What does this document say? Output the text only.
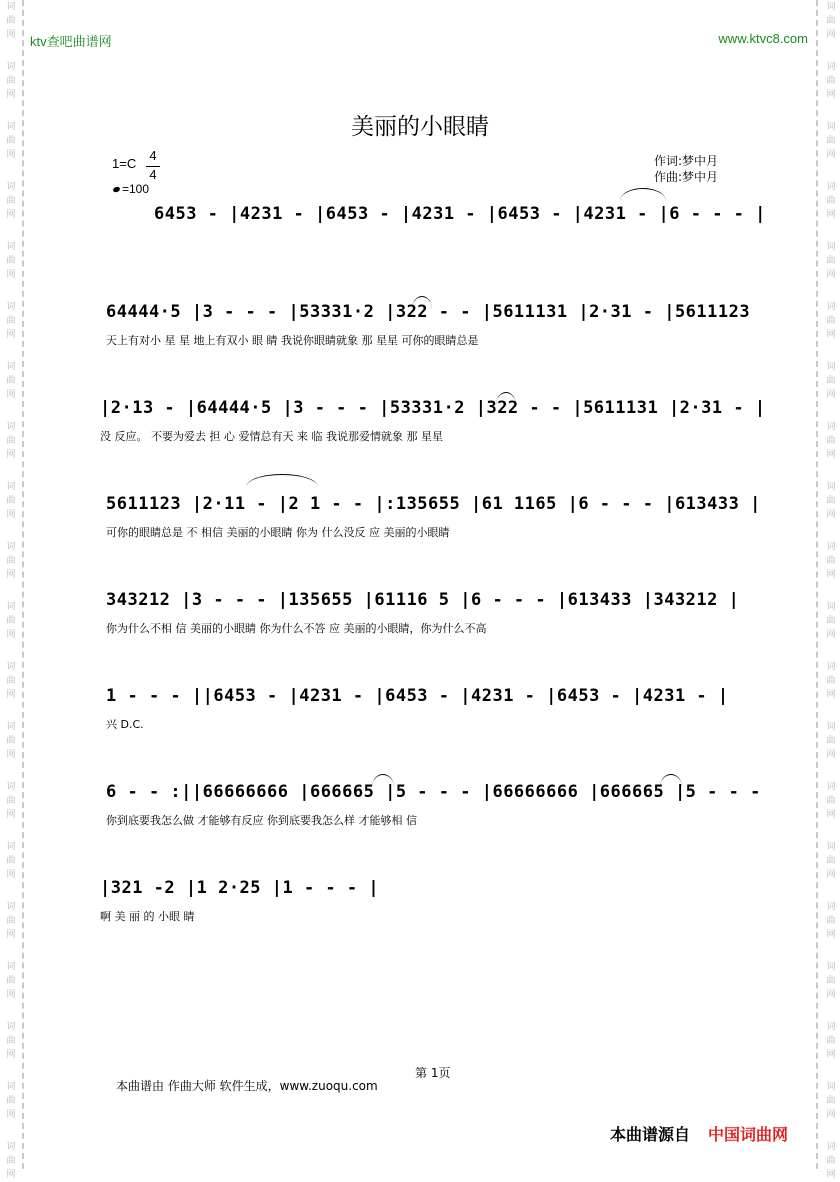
词
曲
网
词
曲
网
词
曲
网
词
曲
网
词
曲
网
词
曲
网
词
曲
网
词
曲
网
词
曲
网
词
曲
网
词
曲
网
词
曲
网
词
曲
网
词
曲
网
词
曲
网
词
曲
网
词
曲
网
词
曲
网
词
曲
网
词
曲
网
词
曲
网
词
曲
网
词
曲
网
词
曲
网
词
曲
网
词
曲
网
词
曲
网
词
曲
网
词
曲
网
词
曲
网
词
曲
网
词
曲
网
词
曲
网
词
曲
网
词
曲
网
词
曲
网
词
曲
网
词
曲
网
词
曲
网
词
曲
网
ktv查吧曲谱网	www.ktvc8.com
美丽的小眼睛
1=C
4
4
=100
作词:梦中月
作曲:梦中月
6453 - |4231 - |6453 - |4231 - |6453 - |4231 - |6 - - - |
64444·5 |3 - - - |53331·2 |322 - - |5611131 |2·31 - |5611123
天上有对小 星 星 地上有双小 眼 睛 我说你眼睛就象 那 星星 可你的眼睛总是
|2·13 - |64444·5 |3 - - - |53331·2 |322 - - |5611131 |2·31 - |
没 反应。 不要为爱去 担 心 爱情总有天 来 临 我说那爱情就象 那 星星
5611123 |2·11 - |2 1 - - |:135655 |61 1165 |6 - - - |613433 |
可你的眼睛总是 不 相信 美丽的小眼睛 你为 什么没反 应 美丽的小眼睛
343212 |3 - - - |135655 |61116 5 |6 - - - |613433 |343212 |
你为什么不相 信 美丽的小眼睛 你为什么不答 应 美丽的小眼睛，你为什么不高
1 - - - ||6453 - |4231 - |6453 - |4231 - |6453 - |4231 - |
兴 D.C.
6 - - :||66666666 |666665 |5 - - - |66666666 |666665 |5 - - -
你到底要我怎么做 才能够有反应 你到底要我怎么样 才能够相 信
|321 -2 |1 2·25 |1 - - - |
啊 美 丽 的 小眼 睛
第 1页
本曲谱由 作曲大师 软件生成，www.zuoqu.com
本曲谱源自 中国词曲网
